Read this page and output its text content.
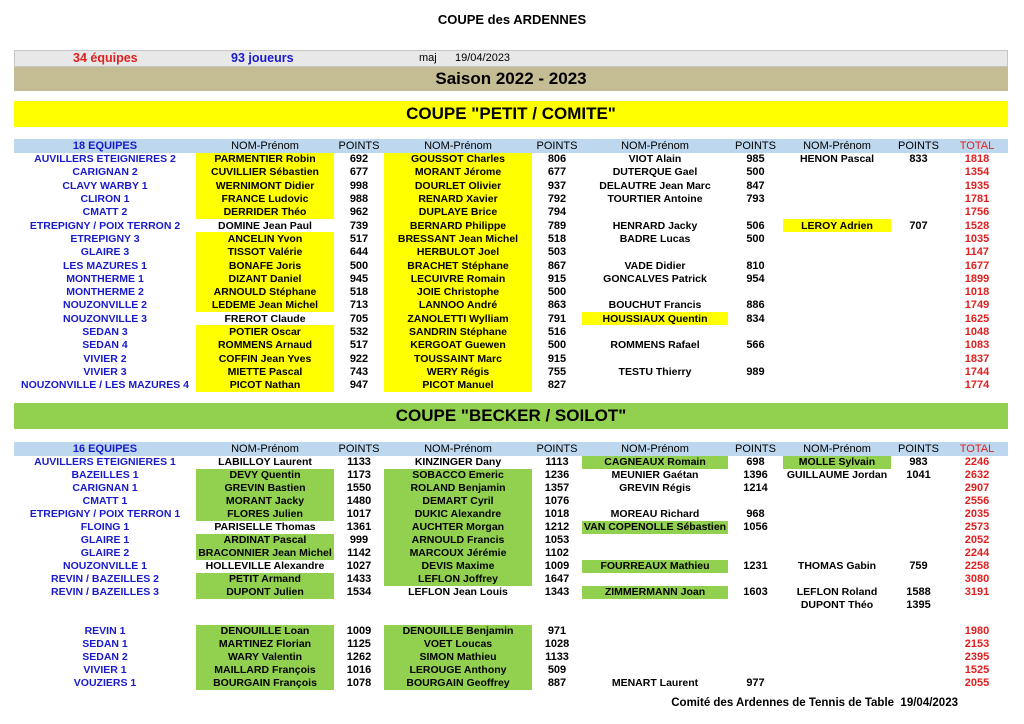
COUPE des ARDENNES
34 équipes	93 joueurs	maj 19/04/2023
Saison 2022 - 2023
COUPE "PETIT / COMITE"
18 EQUIPES	NOM-Prénom	POINTS	NOM-Prénom	POINTS	NOM-Prénom	POINTS	NOM-Prénom	POINTS	TOTAL
AUVILLERS ETEIGNIERES 2	PARMENTIER Robin	692	GOUSSOT Charles	806	VIOT Alain	985	HENON Pascal	833	1818
CARIGNAN 2	CUVILLIER Sébastien	677	MORANT Jérome	677	DUTERQUE Gael	500			1354
CLAVY WARBY 1	WERNIMONT Didier	998	DOURLET Olivier	937	DELAUTRE Jean Marc	847			1935
CLIRON 1	FRANCE Ludovic	988	RENARD Xavier	792	TOURTIER Antoine	793			1781
CMATT 2	DERRIDER Théo	962	DUPLAYE Brice	794					1756
ETREPIGNY / POIX TERRON 2	DOMINE Jean Paul	739	BERNARD Philippe	789	HENRARD Jacky	506	LEROY Adrien	707	1528
ETREPIGNY 3	ANCELIN Yvon	517	BRESSANT Jean Michel	518	BADRE Lucas	500			1035
GLAIRE 3	TISSOT Valérie	644	HERBULOT Joel	503					1147
LES MAZURES 1	BONAFE Joris	500	BRACHET Stéphane	867	VADE Didier	810			1677
MONTHERME 1	DIZANT Daniel	945	LECUIVRE Romain	915	GONCALVES Patrick	954			1899
MONTHERME 2	ARNOULD Stéphane	518	JOIE Christophe	500					1018
NOUZONVILLE 2	LEDEME Jean Michel	713	LANNOO André	863	BOUCHUT Francis	886			1749
NOUZONVILLE 3	FREROT Claude	705	ZANOLETTI Wylliam	791	HOUSSIAUX Quentin	834			1625
SEDAN 3	POTIER Oscar	532	SANDRIN Stéphane	516					1048
SEDAN 4	ROMMENS Arnaud	517	KERGOAT Guewen	500	ROMMENS Rafael	566			1083
VIVIER 2	COFFIN Jean Yves	922	TOUSSAINT Marc	915					1837
VIVIER 3	MIETTE Pascal	743	WERY Régis	755	TESTU Thierry	989			1744
NOUZONVILLE / LES MAZURES 4	PICOT Nathan	947	PICOT Manuel	827					1774
COUPE "BECKER / SOILOT"
16 EQUIPES	NOM-Prénom	POINTS	NOM-Prénom	POINTS	NOM-Prénom	POINTS	NOM-Prénom	POINTS	TOTAL
AUVILLERS ETEIGNIERES 1	LABILLOY Laurent	1133	KINZINGER Dany	1113	CAGNEAUX Romain	698	MOLLE Sylvain	983	2246
BAZEILLES 1	DEVY Quentin	1173	SOBACCO Emeric	1236	MEUNIER Gaétan	1396	GUILLAUME Jordan	1041	2632
CARIGNAN 1	GREVIN Bastien	1550	ROLAND Benjamin	1357	GREVIN Régis	1214			2907
CMATT 1	MORANT Jacky	1480	DEMART Cyril	1076					2556
ETREPIGNY / POIX TERRON 1	FLORES Julien	1017	DUKIC Alexandre	1018	MOREAU Richard	968			2035
FLOING 1	PARISELLE Thomas	1361	AUCHTER Morgan	1212	VAN COPENOLLE Sébastien	1056			2573
GLAIRE 1	ARDINAT Pascal	999	ARNOULD Francis	1053					2052
GLAIRE 2	BRACONNIER Jean Michel	1142	MARCOUX Jérémie	1102					2244
NOUZONVILLE 1	HOLLEVILLE Alexandre	1027	DEVIS Maxime	1009	FOURREAUX Mathieu	1231	THOMAS Gabin	759	2258
REVIN / BAZEILLES 2	PETIT Armand	1433	LEFLON Joffrey	1647					3080
REVIN / BAZEILLES 3	DUPONT Julien	1534	LEFLON Jean Louis	1343	ZIMMERMANN Joan	1603	LEFLON Roland	1588	3191
							DUPONT Théo	1395	

REVIN 1	DENOUILLE Loan	1009	DENOUILLE Benjamin	971					1980
SEDAN 1	MARTINEZ Florian	1125	VOET Loucas	1028					2153
SEDAN 2	WARY Valentin	1262	SIMON Mathieu	1133					2395
VIVIER 1	MAILLARD François	1016	LEROUGE Anthony	509					1525
VOUZIERS 1	BOURGAIN François	1078	BOURGAIN Geoffrey	887	MENART Laurent	977			2055
Comité des Ardennes de Tennis de Table  19/04/2023
